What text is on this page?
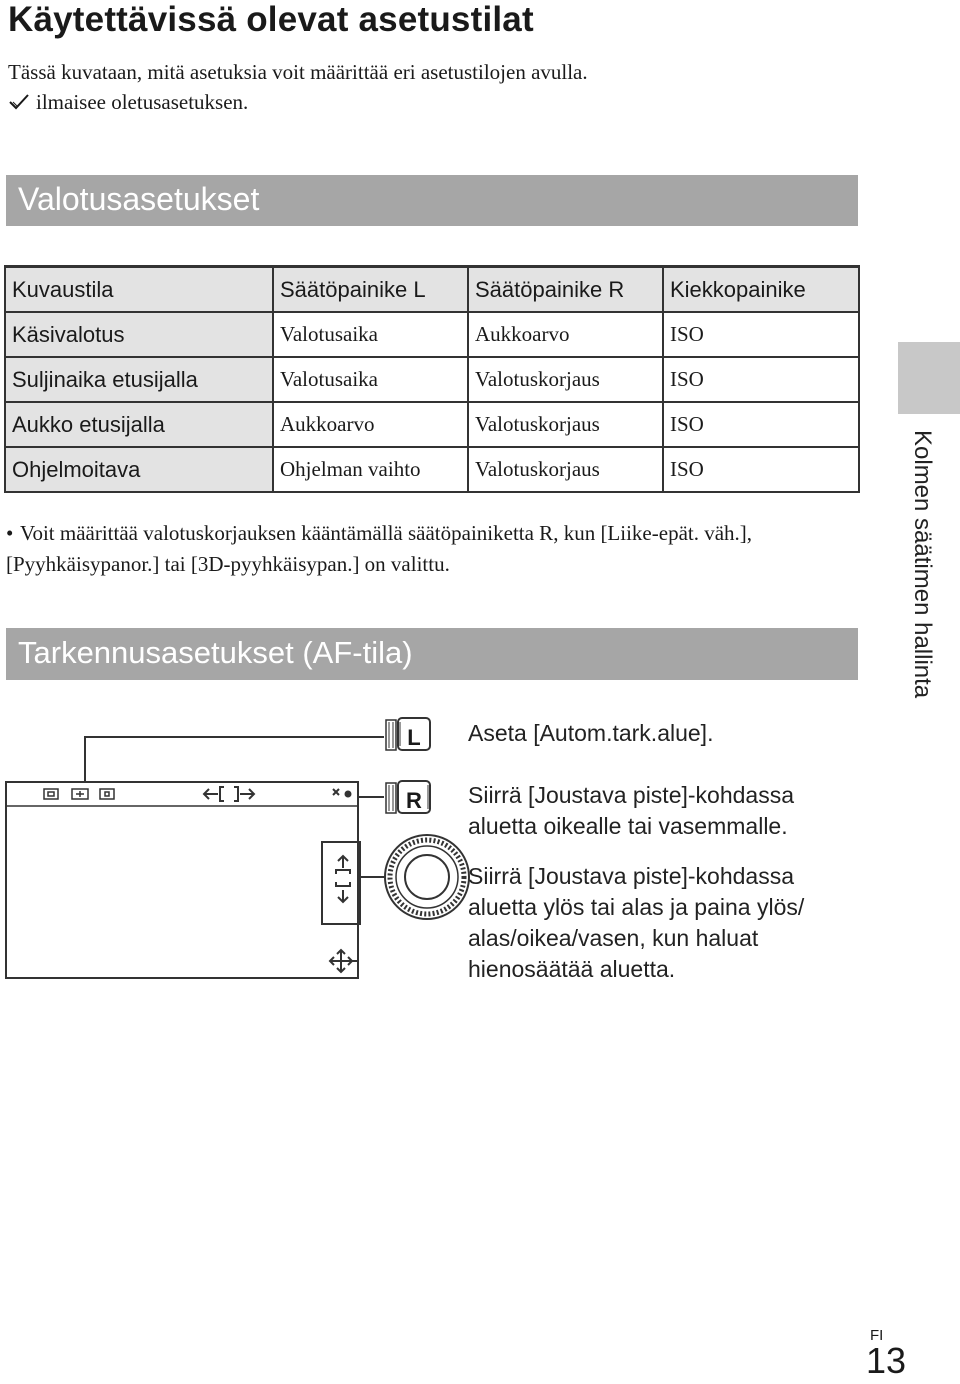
Käytettävissä olevat asetustilat
Tässä kuvataan, mitä asetuksia voit määrittää eri asetustilojen avulla.
ilmaisee oletusasetuksen.
Valotusasetukset
Kuvaustila	Säätöpainike L	Säätöpainike R	Kiekkopainike
Käsivalotus	Valotusaika	Aukkoarvo	ISO
Suljinaika etusijalla	Valotusaika	Valotuskorjaus	ISO
Aukko etusijalla	Aukkoarvo	Valotuskorjaus	ISO
Ohjelmoitava	Ohjelman vaihto	Valotuskorjaus	ISO
• Voit määrittää valotuskorjauksen kääntämällä säätöpainiketta R, kun [Liike-epät. väh.], [Pyyhkäisypanor.] tai [3D-pyyhkäisypan.] on valittu.
Tarkennusasetukset (AF-tila)
L
R
Aseta [Autom.tark.alue].
Siirrä [Joustava piste]-kohdassa aluetta oikealle tai vasemmalle.
Siirrä [Joustava piste]-kohdassa aluetta ylös tai alas ja paina ylös/ alas/oikea/vasen, kun haluat hienosäätää aluetta.
Kolmen säätimen hallinta
FI
13
